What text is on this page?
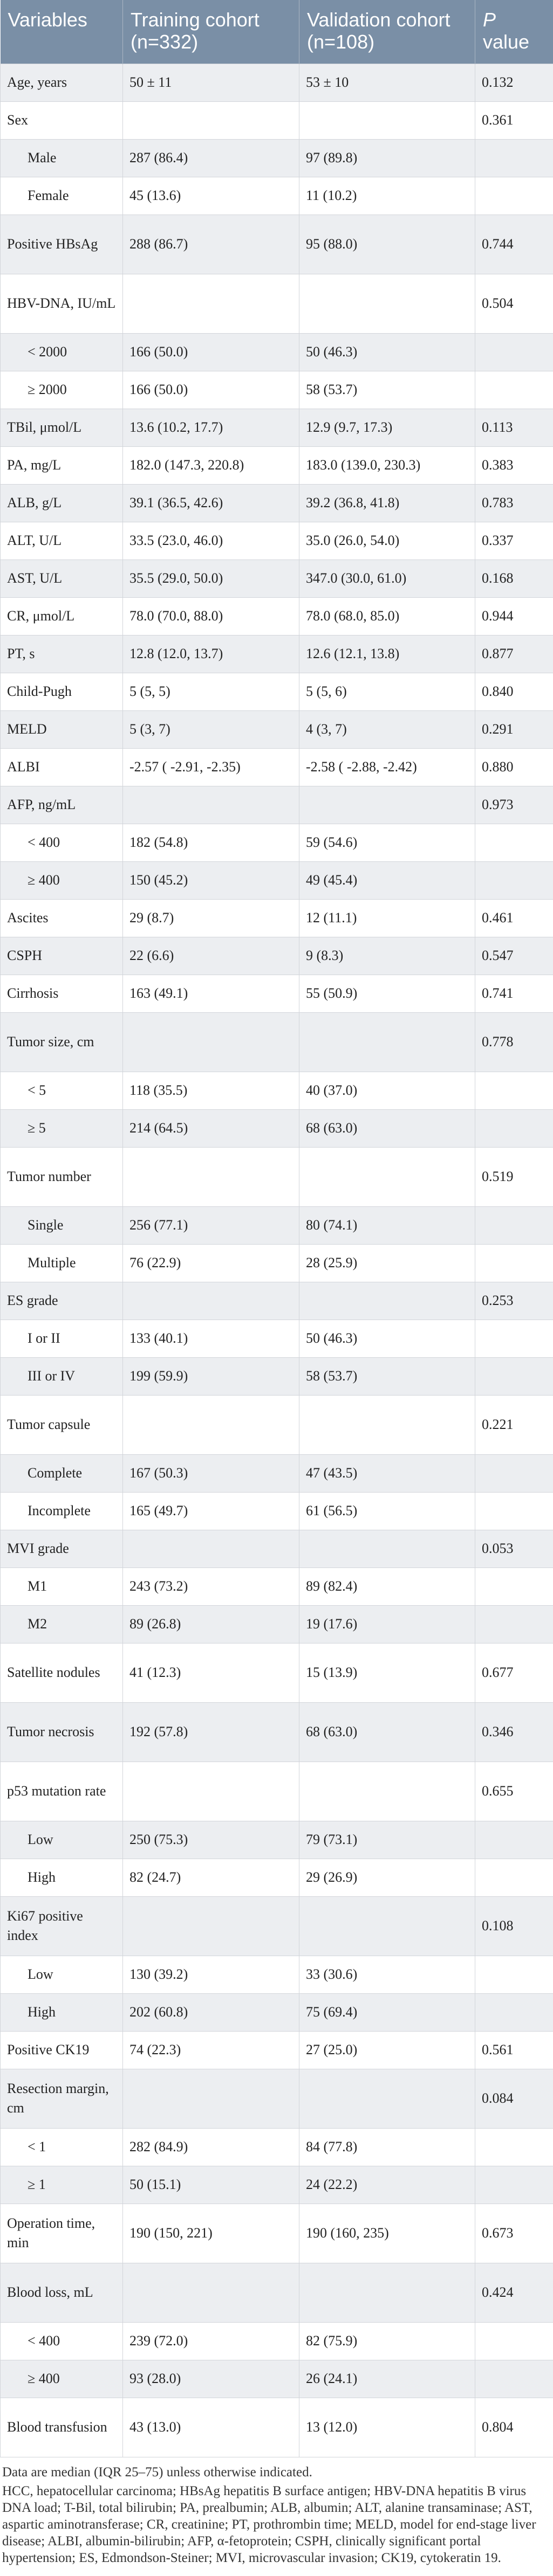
Variables	Training cohort (n=332)	Validation cohort (n=108)	P value
Age, years	50 ± 11	53 ± 10	0.132
Sex			0.361
Male	287 (86.4)	97 (89.8)	
Female	45 (13.6)	11 (10.2)	
Positive HBsAg	288 (86.7)	95 (88.0)	0.744
HBV-DNA, IU/mL			0.504
< 2000	166 (50.0)	50 (46.3)	
≥ 2000	166 (50.0)	58 (53.7)	
TBil, μmol/L	13.6 (10.2, 17.7)	12.9 (9.7, 17.3)	0.113
PA, mg/L	182.0 (147.3, 220.8)	183.0 (139.0, 230.3)	0.383
ALB, g/L	39.1 (36.5, 42.6)	39.2 (36.8, 41.8)	0.783
ALT, U/L	33.5 (23.0, 46.0)	35.0 (26.0, 54.0)	0.337
AST, U/L	35.5 (29.0, 50.0)	347.0 (30.0, 61.0)	0.168
CR, μmol/L	78.0 (70.0, 88.0)	78.0 (68.0, 85.0)	0.944
PT, s	12.8 (12.0, 13.7)	12.6 (12.1, 13.8)	0.877
Child-Pugh	5 (5, 5)	5 (5, 6)	0.840
MELD	5 (3, 7)	4 (3, 7)	0.291
ALBI	-2.57 ( -2.91, -2.35)	-2.58 ( -2.88, -2.42)	0.880
AFP, ng/mL			0.973
< 400	182 (54.8)	59 (54.6)	
≥ 400	150 (45.2)	49 (45.4)	
Ascites	29 (8.7)	12 (11.1)	0.461
CSPH	22 (6.6)	9 (8.3)	0.547
Cirrhosis	163 (49.1)	55 (50.9)	0.741
Tumor size, cm			0.778
< 5	118 (35.5)	40 (37.0)	
≥ 5	214 (64.5)	68 (63.0)	
Tumor number			0.519
Single	256 (77.1)	80 (74.1)	
Multiple	76 (22.9)	28 (25.9)	
ES grade			0.253
I or II	133 (40.1)	50 (46.3)	
III or IV	199 (59.9)	58 (53.7)	
Tumor capsule			0.221
Complete	167 (50.3)	47 (43.5)	
Incomplete	165 (49.7)	61 (56.5)	
MVI grade			0.053
M1	243 (73.2)	89 (82.4)	
M2	89 (26.8)	19 (17.6)	
Satellite nodules	41 (12.3)	15 (13.9)	0.677
Tumor necrosis	192 (57.8)	68 (63.0)	0.346
p53 mutation rate			0.655
Low	250 (75.3)	79 (73.1)	
High	82 (24.7)	29 (26.9)	
Ki67 positive index			0.108
Low	130 (39.2)	33 (30.6)	
High	202 (60.8)	75 (69.4)	
Positive CK19	74 (22.3)	27 (25.0)	0.561
Resection margin, cm			0.084
< 1	282 (84.9)	84 (77.8)	
≥ 1	50 (15.1)	24 (22.2)	
Operation time, min	190 (150, 221)	190 (160, 235)	0.673
Blood loss, mL			0.424
< 400	239 (72.0)	82 (75.9)	
≥ 400	93 (28.0)	26 (24.1)	
Blood transfusion	43 (13.0)	13 (12.0)	0.804

Data are median (IQR 25–75) unless otherwise indicated.

HCC, hepatocellular carcinoma; HBsAg hepatitis B surface antigen; HBV-DNA hepatitis B virus DNA load; T-Bil, total bilirubin; PA, prealbumin; ALB, albumin; ALT, alanine transaminase; AST, aspartic aminotransferase; CR, creatinine; PT, prothrombin time; MELD, model for end-stage liver disease; ALBI, albumin-bilirubin; AFP, α-fetoprotein; CSPH, clinically significant portal hypertension; ES, Edmondson-Steiner; MVI, microvascular invasion; CK19, cytokeratin 19.
